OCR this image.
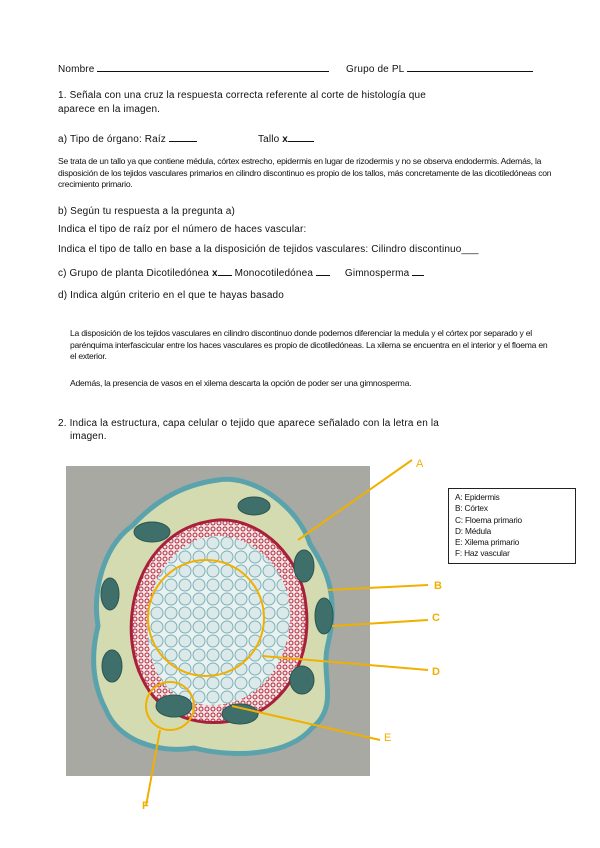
Nombre	Grupo de PL
1. Señala con una cruz la respuesta correcta referente al corte de histología que
aparece en la imagen.
a) Tipo de órgano: Raíz	Tallo x
Se trata de un tallo ya que contiene médula, córtex estrecho, epidermis en lugar de rizodermis y no se observa endodermis. Además, la disposición de los tejidos vasculares primarios en cilindro discontinuo es propio de los tallos, más concretamente de las dicotiledóneas con crecimiento primario.
b) Según tu respuesta a la pregunta a)
Indica el tipo de raíz por el número de haces vascular:
Indica el tipo de tallo en base a la disposición de tejidos vasculares: Cilindro discontinuo___
c) Grupo de planta Dicotiledónea x Monocotiledónea	Gimnosperma
d) Indica algún criterio en el que te hayas basado
La disposición de los tejidos vasculares en cilindro discontinuo donde podemos diferenciar la medula y el córtex por separado y el parénquima interfascicular entre los haces vasculares es propio de dicotiledóneas. La xilema se encuentra en el interior y el floema en el exterior.
Además, la presencia de vasos en el xilema descarta la opción de poder ser una gimnosperma.
2. Indica la estructura, capa celular o tejido que aparece señalado con la letra en la
imagen.
A
B
C
D
E
F
A: Epidermis
B: Córtex
C: Floema primario
D: Médula
E: Xilema primario
F: Haz vascular
